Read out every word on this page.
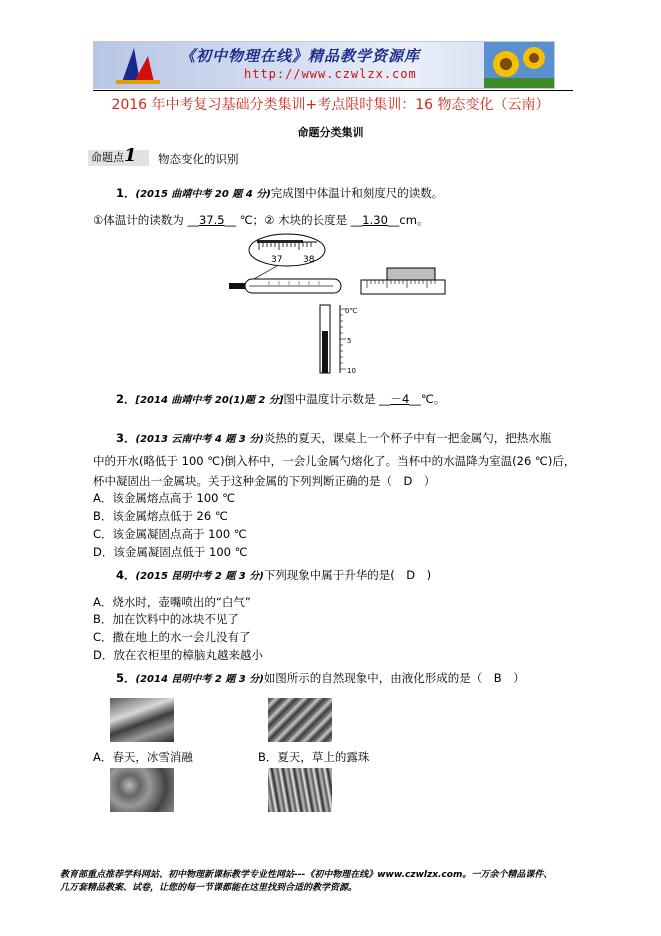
《初中物理在线》精品教学资源库
http://www.czwlzx.com
2016 年中考复习基础分类集训+考点限时集训：16 物态变化（云南）
命题分类集训
命题点1	物态变化的识别
1．(2015 曲靖中考 20 题 4 分)完成图中体温计和刻度尺的读数。
①体温计的读数为 __37.5__ ℃；② 木块的长度是 __1.30__cm。
37 38
0℃
5
10
2．[2014 曲靖中考 20(1)题 2 分]图中温度计示数是 __－4__℃。
3．(2013 云南中考 4 题 3 分)炎热的夏天，课桌上一个杯子中有一把金属勺，把热水瓶
中的开水(略低于 100 ℃)倒入杯中，一会儿金属勺熔化了。当杯中的水温降为室温(26 ℃)后，
杯中凝固出一金属块。关于这种金属的下列判断正确的是（　D　）
A．该金属熔点高于 100 ℃
B．该金属熔点低于 26 ℃
C．该金属凝固点高于 100 ℃
D．该金属凝固点低于 100 ℃
4．(2015 昆明中考 2 题 3 分)下列现象中属于升华的是(　D　)
A．烧水时，壶嘴喷出的“白气”
B．加在饮料中的冰块不见了
C．撒在地上的水一会儿没有了
D．放在衣柜里的樟脑丸越来越小
5．(2014 昆明中考 2 题 3 分)如图所示的自然现象中，由液化形成的是（　B　）
A．春天，冰雪消融	B．夏天，草上的露珠
教育部重点推荐学科网站、初中物理新课标教学专业性网站---《初中物理在线》www.czwlzx.com。一万余个精品课件、
几万套精品教案、试卷，让您的每一节课都能在这里找到合适的教学资源。
